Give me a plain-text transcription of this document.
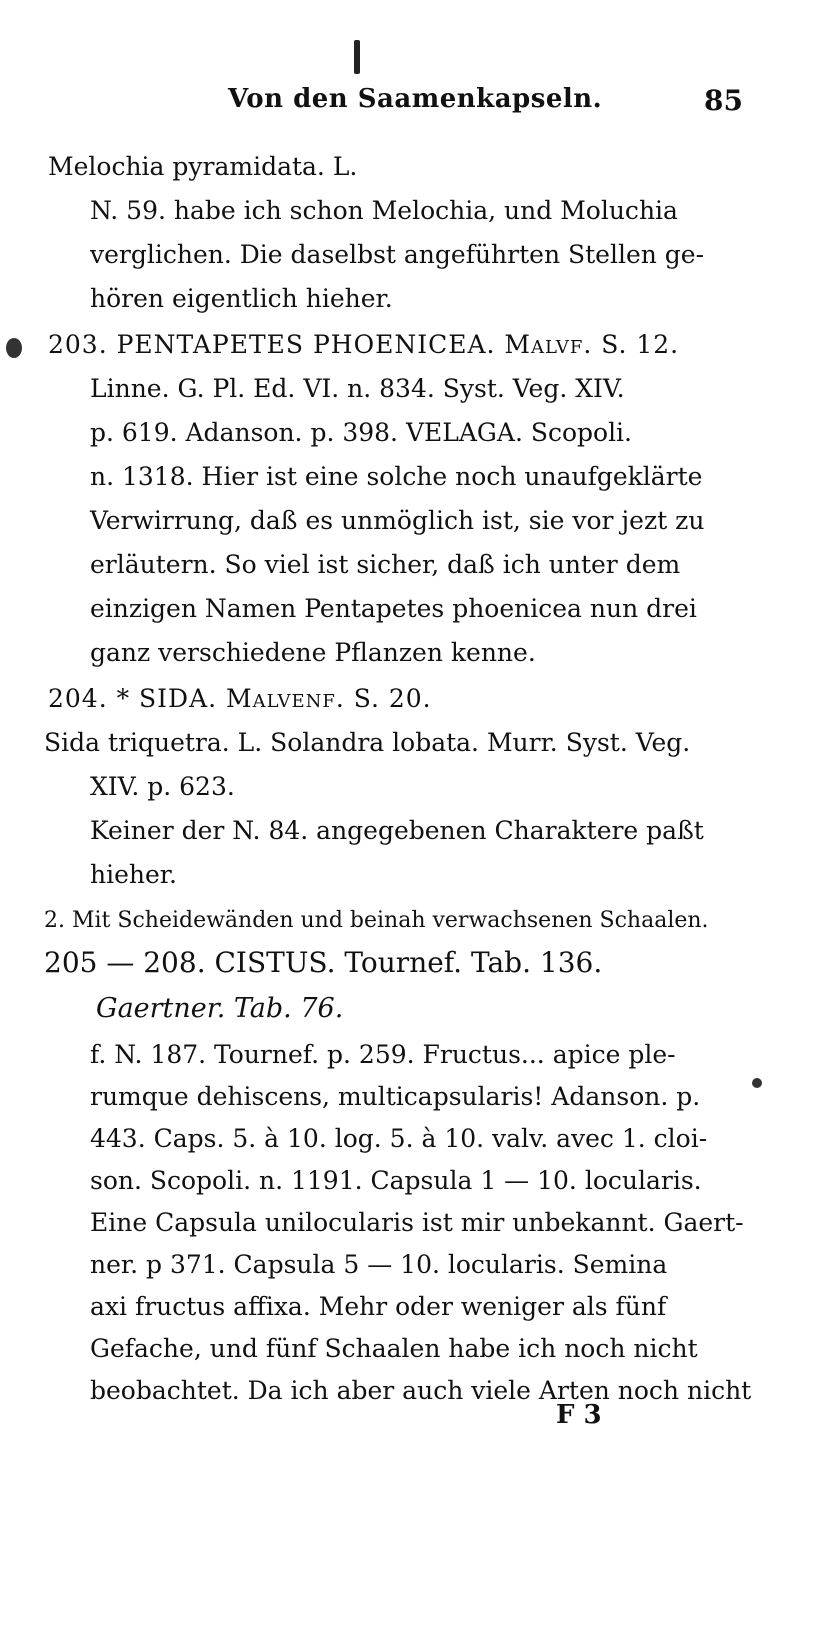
Von den Saamenkapseln.	85
Melochia pyramidata. L.
N. 59. habe ich schon Melochia, und Moluchia
verglichen. Die daselbst angeführten Stellen ge-
hören eigentlich hieher.
203. PENTAPETES PHOENICEA. Malvf. S. 12.
Linne. G. Pl. Ed. VI. n. 834. Syst. Veg. XIV.
p. 619. Adanson. p. 398. VELAGA. Scopoli.
n. 1318. Hier ist eine solche noch unaufgeklärte
Verwirrung, daß es unmöglich ist, sie vor jezt zu
erläutern. So viel ist sicher, daß ich unter dem
einzigen Namen Pentapetes phoenicea nun drei
ganz verschiedene Pflanzen kenne.
204. * SIDA. Malvenf. S. 20.
Sida triquetra. L. Solandra lobata. Murr. Syst. Veg.
XIV. p. 623.
Keiner der N. 84. angegebenen Charaktere paßt
hieher.
2. Mit Scheidewänden und beinah verwachsenen Schaalen.
205 — 208. CISTUS. Tournef. Tab. 136.
Gaertner. Tab. 76.
f. N. 187. Tournef. p. 259. Fructus... apice ple-
rumque dehiscens, multicapsularis! Adanson. p.
443. Caps. 5. à 10. log. 5. à 10. valv. avec 1. cloi-
son. Scopoli. n. 1191. Capsula 1 — 10. locularis.
Eine Capsula unilocularis ist mir unbekannt. Gaert-
ner. p 371. Capsula 5 — 10. locularis. Semina
axi fructus affixa. Mehr oder weniger als fünf
Gefache, und fünf Schaalen habe ich noch nicht
beobachtet. Da ich aber auch viele Arten noch nicht
F 3
